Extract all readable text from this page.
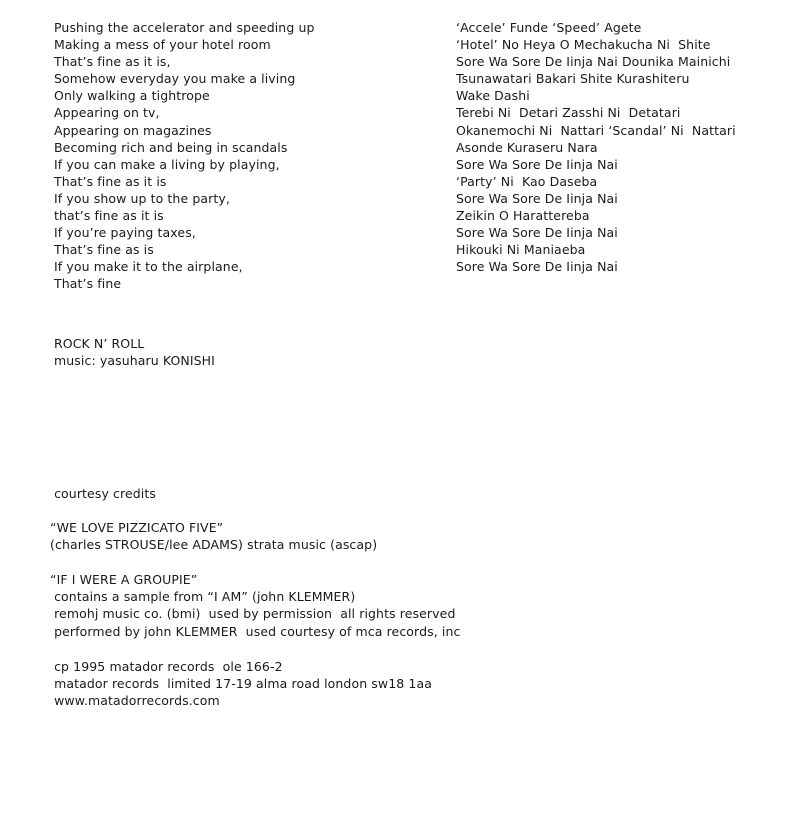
Pushing the accelerator and speeding up
Making a mess of your hotel room
That’s fine as it is,
Somehow everyday you make a living
Only walking a tightrope
Appearing on tv,
Appearing on magazines
Becoming rich and being in scandals
If you can make a living by playing,
That’s fine as it is
If you show up to the party,
that’s fine as it is
If you’re paying taxes,
That’s fine as is
If you make it to the airplane,
That’s fine
‘Accele’ Funde ‘Speed’ Agete
‘Hotel’ No Heya O Mechakucha Ni  Shite
Sore Wa Sore De Iinja Nai Dounika Mainichi
Tsunawatari Bakari Shite Kurashiteru
Wake Dashi
Terebi Ni  Detari Zasshi Ni  Detatari
Okanemochi Ni  Nattari ‘Scandal’ Ni  Nattari
Asonde Kuraseru Nara
Sore Wa Sore De Iinja Nai
‘Party’ Ni  Kao Daseba
Sore Wa Sore De Iinja Nai
Zeikin O Harattereba
Sore Wa Sore De Iinja Nai
Hikouki Ni Maniaeba
Sore Wa Sore De Iinja Nai
ROCK N’ ROLL
music: yasuharu KONISHI
courtesy credits
“WE LOVE PIZZICATO FIVE”
(charles STROUSE/lee ADAMS) strata music (ascap)
“IF I WERE A GROUPIE”
contains a sample from “I AM” (john KLEMMER)
remohj music co. (bmi)  used by permission  all rights reserved
performed by john KLEMMER  used courtesy of mca records, inc
cp 1995 matador records  ole 166-2
matador records  limited 17-19 alma road london sw18 1aa
www.matadorrecords.com
